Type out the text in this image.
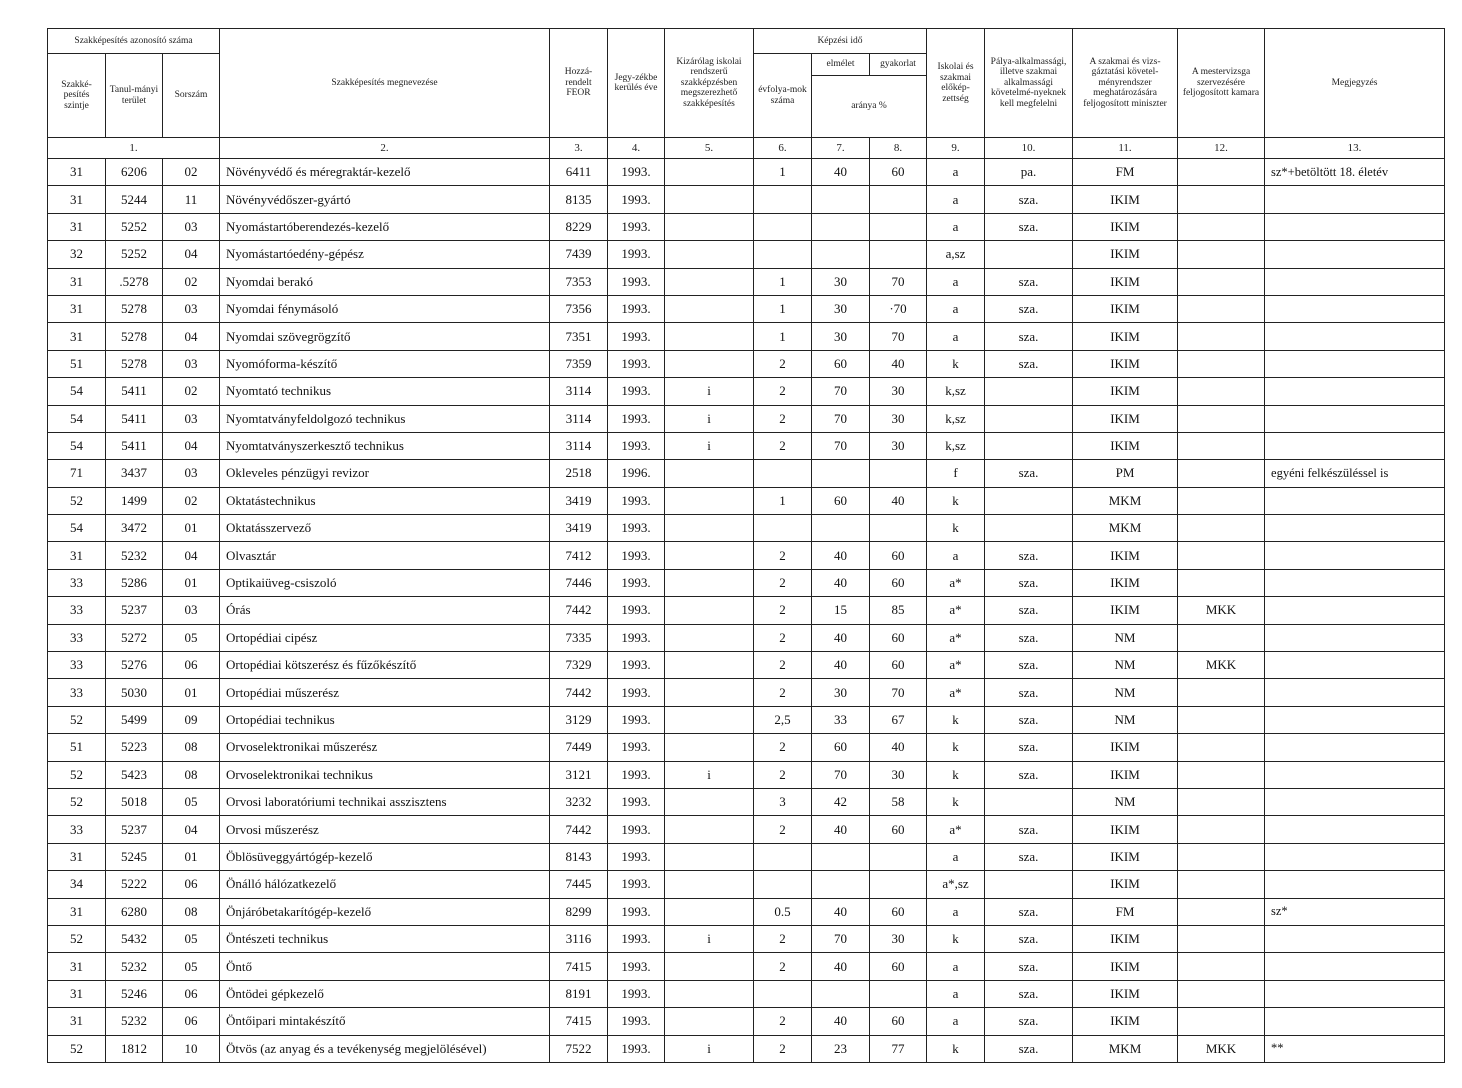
Szakképesítés azonosító száma			Szakképesítés megnevezése	Hozzá-rendelt FEOR	Jegy-zékbe kerülés éve	Kizárólag iskolai rendszerű szakképzésben megszerezhető szakképesítés	Képzési idő			Iskolai és szakmai előkép-zettség	Pálya-alkalmassági, illetve szakmai alkalmassági követelmé-nyeknek kell megfelelni	A szakmai és vizs-gáztatási követel-ményrendszer meghatározására feljogosított miniszter	A mestervizsga szervezésére feljogosított kamara	Megjegyzés
Szakké-pesítés szintje	Tanul-mányi terület	Sorszám					évfolya-mok száma	elmélet	gyakorlat					
								aránya %						
1.			2.	3.	4.	5.	6.	7.	8.	9.	10.	11.	12.	13.
31	6206	02	Növényvédő és méregraktár-kezelő	6411	1993.		1	40	60	a	pa.	FM		sz*+betöltött 18. életév
31	5244	11	Növényvédőszer-gyártó	8135	1993.					a	sza.	IKIM		
31	5252	03	Nyomástartóberendezés-kezelő	8229	1993.					a	sza.	IKIM		
32	5252	04	Nyomástartóedény-gépész	7439	1993.					a,sz		IKIM		
31	.5278	02	Nyomdai berakó	7353	1993.		1	30	70	a	sza.	IKIM		
31	5278	03	Nyomdai fénymásoló	7356	1993.		1	30	·70	a	sza.	IKIM		
31	5278	04	Nyomdai szövegrögzítő	7351	1993.		1	30	70	a	sza.	IKIM		
51	5278	03	Nyomóforma-készítő	7359	1993.		2	60	40	k	sza.	IKIM		
54	5411	02	Nyomtató technikus	3114	1993.	i	2	70	30	k,sz		IKIM		
54	5411	03	Nyomtatványfeldolgozó technikus	3114	1993.	i	2	70	30	k,sz		IKIM		
54	5411	04	Nyomtatványszerkesztő technikus	3114	1993.	i	2	70	30	k,sz		IKIM		
71	3437	03	Okleveles pénzügyi revizor	2518	1996.					f	sza.	PM		egyéni felkészüléssel is
52	1499	02	Oktatástechnikus	3419	1993.		1	60	40	k		MKM		
54	3472	01	Oktatásszervező	3419	1993.					k		MKM		
31	5232	04	Olvasztár	7412	1993.		2	40	60	a	sza.	IKIM		
33	5286	01	Optikaiüveg-csiszoló	7446	1993.		2	40	60	a*	sza.	IKIM		
33	5237	03	Órás	7442	1993.		2	15	85	a*	sza.	IKIM	MKK	
33	5272	05	Ortopédiai cipész	7335	1993.		2	40	60	a*	sza.	NM		
33	5276	06	Ortopédiai kötszerész és fűzőkészítő	7329	1993.		2	40	60	a*	sza.	NM	MKK	
33	5030	01	Ortopédiai műszerész	7442	1993.		2	30	70	a*	sza.	NM		
52	5499	09	Ortopédiai technikus	3129	1993.		2,5	33	67	k	sza.	NM		
51	5223	08	Orvoselektronikai műszerész	7449	1993.		2	60	40	k	sza.	IKIM		
52	5423	08	Orvoselektronikai technikus	3121	1993.	i	2	70	30	k	sza.	IKIM		
52	5018	05	Orvosi laboratóriumi technikai asszisztens	3232	1993.		3	42	58	k		NM		
33	5237	04	Orvosi műszerész	7442	1993.		2	40	60	a*	sza.	IKIM		
31	5245	01	Öblösüveggyártógép-kezelő	8143	1993.					a	sza.	IKIM		
34	5222	06	Önálló hálózatkezelő	7445	1993.					a*,sz		IKIM		
31	6280	08	Önjáróbetakarítógép-kezelő	8299	1993.		0.5	40	60	a	sza.	FM		sz*
52	5432	05	Öntészeti technikus	3116	1993.	i	2	70	30	k	sza.	IKIM		
31	5232	05	Öntő	7415	1993.		2	40	60	a	sza.	IKIM		
31	5246	06	Öntödei gépkezelő	8191	1993.					a	sza.	IKIM		
31	5232	06	Öntőipari mintakészítő	7415	1993.		2	40	60	a	sza.	IKIM		
52	1812	10	Ötvös (az anyag és a tevékenység megjelölésével)	7522	1993.	i	2	23	77	k	sza.	MKM	MKK	**
